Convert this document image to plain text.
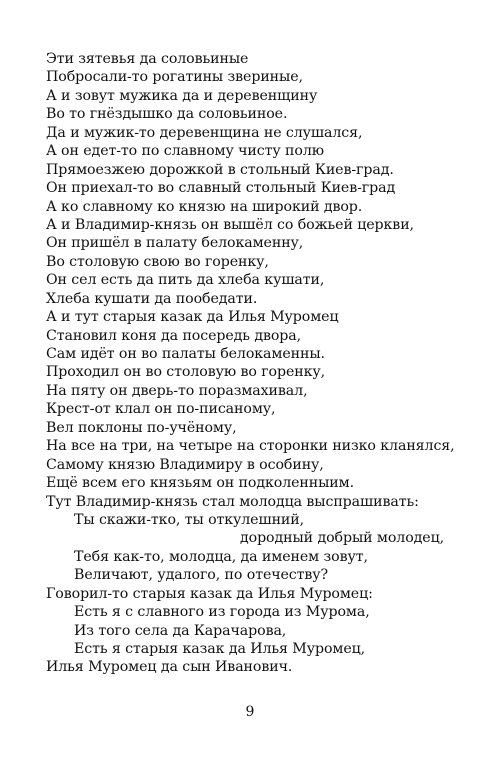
Эти зятевья да соловьиные
Побросали-то рогатины звериные,
А и зовут мужика да и деревенщину
Во то гнёздышко да соловьиное.
Да и мужик-то деревенщина не слушался,
А он едет-то по славному чисту полю
Прямоезжею дорожкой в стольный Киев-град.
Он приехал-то во славный стольный Киев-град
А ко славному ко князю на широкий двор.
А и Владимир-князь он вышёл со божьей церкви,
Он пришёл в палату белокаменну,
Во столовую свою во горенку,
Он сел есть да пить да хлеба кушати,
Хлеба кушати да пообедати.
А и тут старыя казак да Илья Муромец
Становил коня да посередь двора,
Сам идёт он во палаты белокаменны.
Проходил он во столовую во горенку,
На пяту он дверь-то поразмахивал,
Крест-от клал он по-писаному,
Вел поклоны по-учёному,
На все на три, на четыре на сторонки низко кланялся,
Самому князю Владимиру в особину,
Ещё всем его князьям он подколенныим.
Тут Владимир-князь стал молодца выспрашивать:
Ты скажи-тко, ты откулешний,
дородный добрый молодец,
Тебя как-то, молодца, да именем зовут,
Величают, удалого, по отечеству?
Говорил-то старыя казак да Илья Муромец:
Есть я с славного из города из Мурома,
Из того села да Карачарова,
Есть я старыя казак да Илья Муромец,
Илья Муромец да сын Иванович.
9
